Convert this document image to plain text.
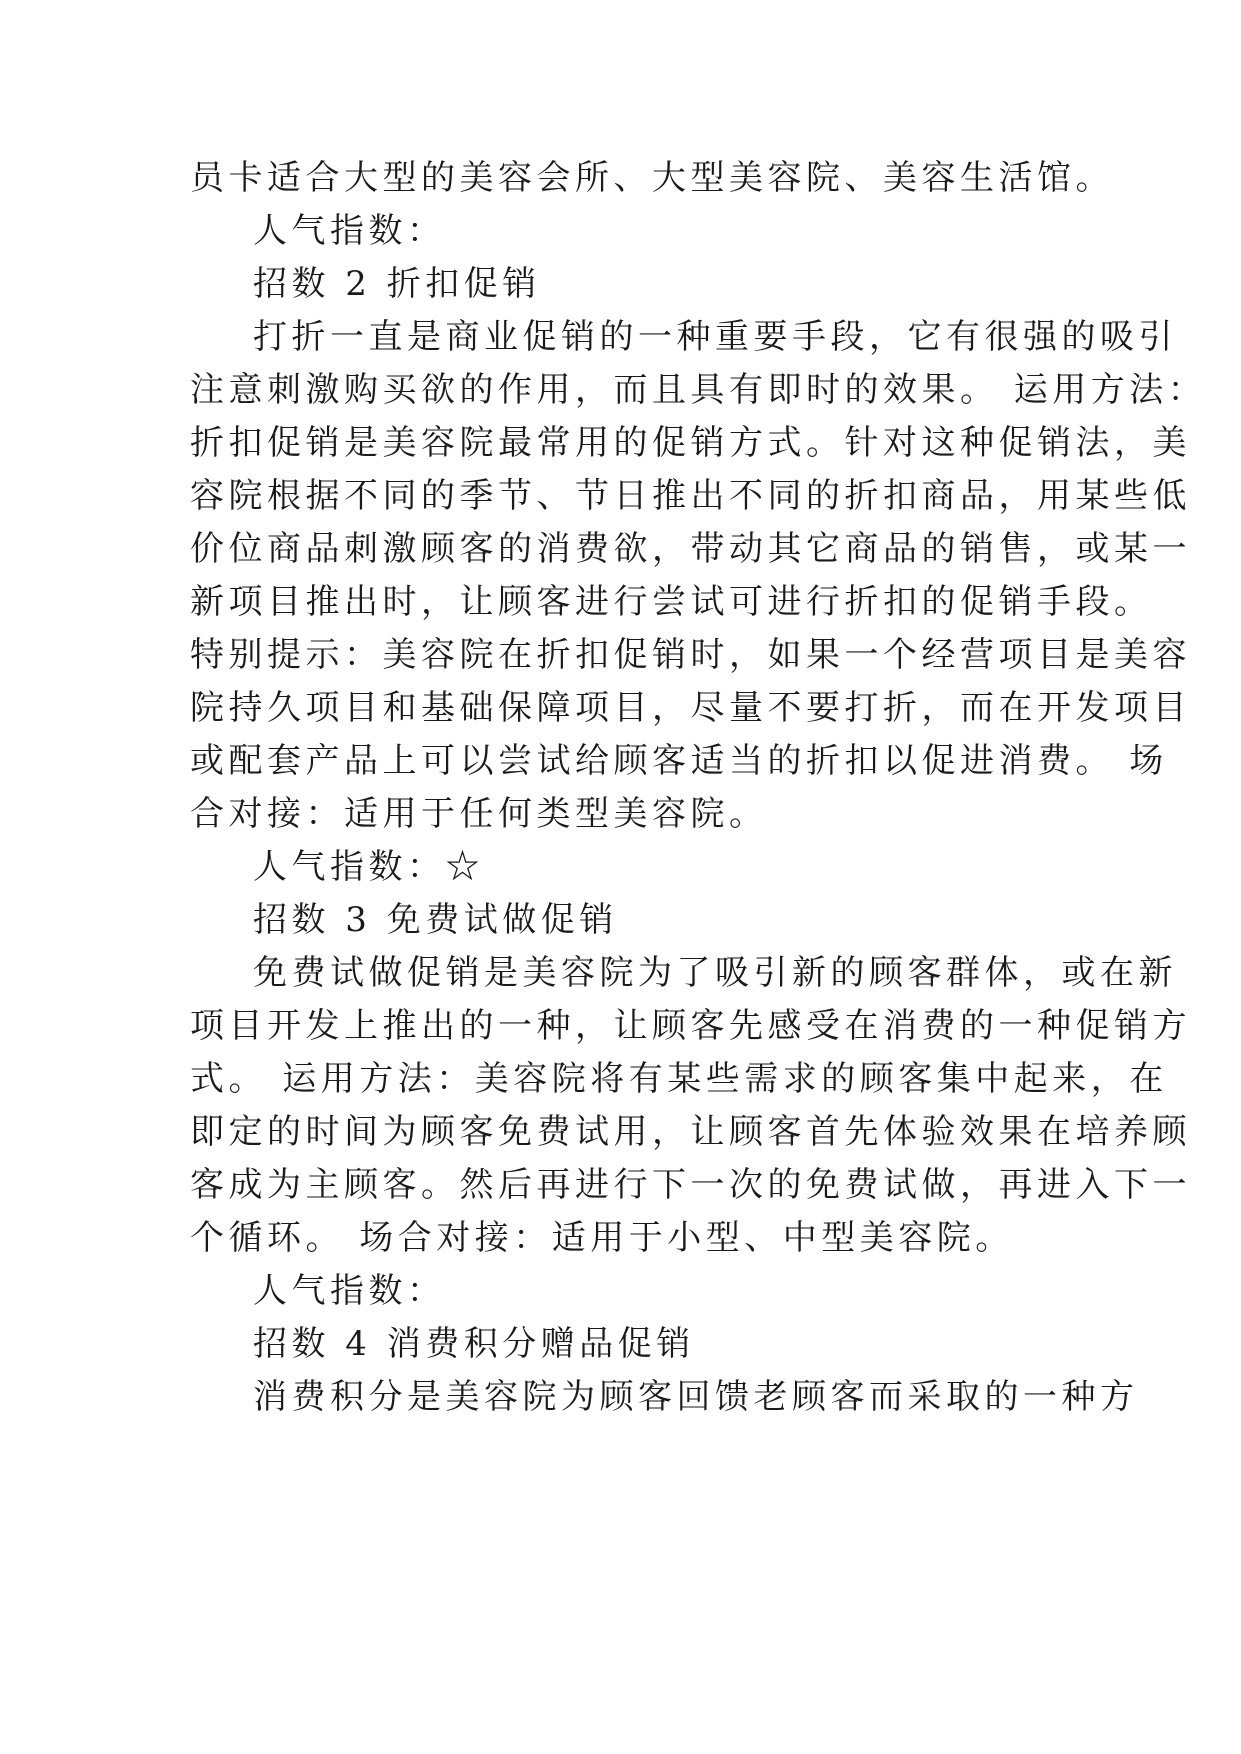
员卡适合大型的美容会所、大型美容院、美容生活馆。
人气指数：
招数 2 折扣促销
打折一直是商业促销的一种重要手段，它有很强的吸引
注意刺激购买欲的作用，而且具有即时的效果。 运用方法：
折扣促销是美容院最常用的促销方式。针对这种促销法，美
容院根据不同的季节、节日推出不同的折扣商品，用某些低
价位商品刺激顾客的消费欲，带动其它商品的销售，或某一
新项目推出时，让顾客进行尝试可进行折扣的促销手段。
特别提示：美容院在折扣促销时，如果一个经营项目是美容
院持久项目和基础保障项目，尽量不要打折，而在开发项目
或配套产品上可以尝试给顾客适当的折扣以促进消费。 场
合对接：适用于任何类型美容院。
人气指数：☆
招数 3 免费试做促销
免费试做促销是美容院为了吸引新的顾客群体，或在新
项目开发上推出的一种，让顾客先感受在消费的一种促销方
式。 运用方法：美容院将有某些需求的顾客集中起来，在
即定的时间为顾客免费试用，让顾客首先体验效果在培养顾
客成为主顾客。然后再进行下一次的免费试做，再进入下一
个循环。 场合对接：适用于小型、中型美容院。
人气指数：
招数 4 消费积分赠品促销
消费积分是美容院为顾客回馈老顾客而采取的一种方
